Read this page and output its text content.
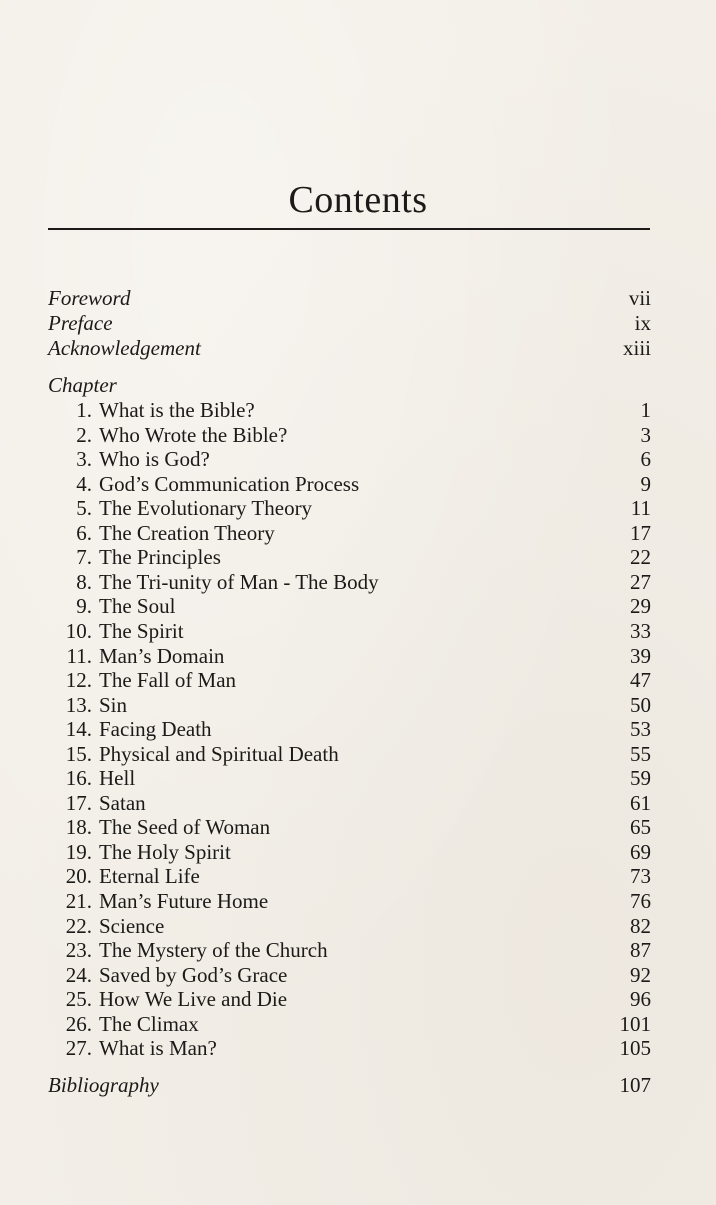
Contents
Foreword	vii
Preface	ix
Acknowledgement	xiii
Chapter
1. What is the Bible?	1
2. Who Wrote the Bible?	3
3. Who is God?	6
4. God’s Communication Process	9
5. The Evolutionary Theory	11
6. The Creation Theory	17
7. The Principles	22
8. The Tri-unity of Man - The Body	27
9. The Soul	29
10. The Spirit	33
11. Man’s Domain	39
12. The Fall of Man	47
13. Sin	50
14. Facing Death	53
15. Physical and Spiritual Death	55
16. Hell	59
17. Satan	61
18. The Seed of Woman	65
19. The Holy Spirit	69
20. Eternal Life	73
21. Man’s Future Home	76
22. Science	82
23. The Mystery of the Church	87
24. Saved by God’s Grace	92
25. How We Live and Die	96
26. The Climax	101
27. What is Man?	105
Bibliography	107
